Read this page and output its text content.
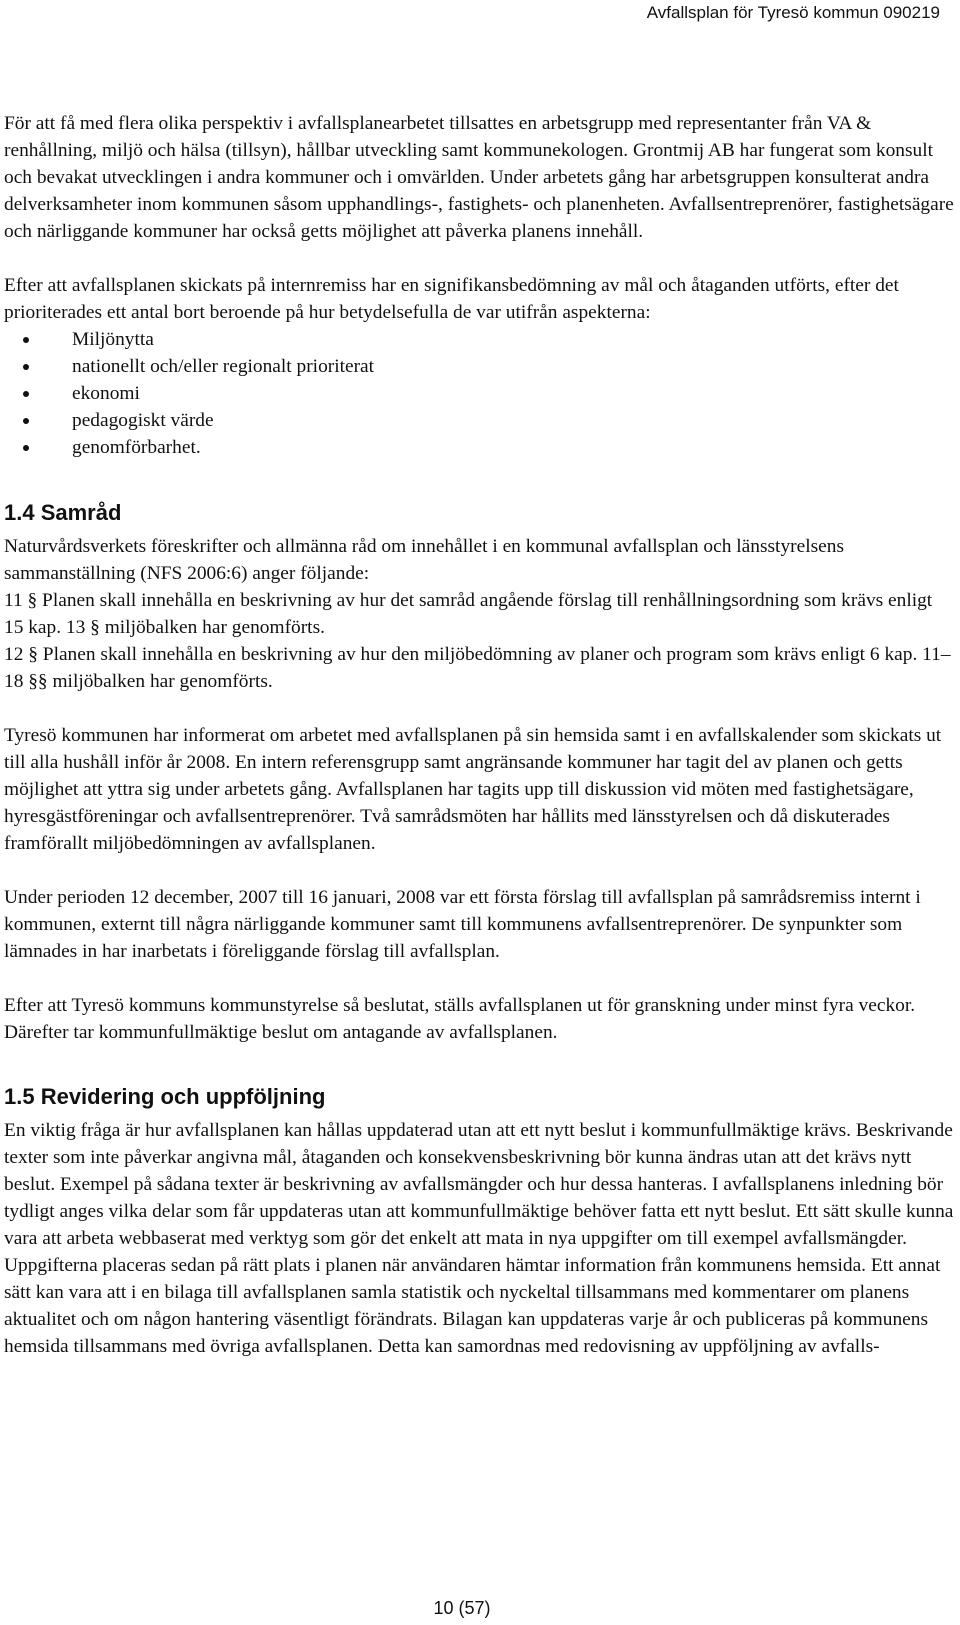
Avfallsplan för Tyresö kommun 090219

För att få med flera olika perspektiv i avfallsplanearbetet tillsattes en arbetsgrupp med representanter från VA & renhållning, miljö och hälsa (tillsyn), hållbar utveckling samt kommunekologen. Grontmij AB har fungerat som konsult och bevakat utvecklingen i andra kommuner och i omvärlden. Under arbetets gång har arbetsgruppen konsulterat andra delverksamheter inom kommunen såsom upphandlings-, fastighets- och planenheten. Avfallsentreprenörer, fastighetsägare och närliggande kommuner har också getts möjlighet att påverka planens innehåll.

Efter att avfallsplanen skickats på internremiss har en signifikansbedömning av mål och åtaganden utförts, efter det prioriterades ett antal bort beroende på hur betydelsefulla de var utifrån aspekterna:

Miljönytta
nationellt och/eller regionalt prioriterat
ekonomi
pedagogiskt värde
genomförbarhet.
1.4 Samråd

Naturvårdsverkets föreskrifter och allmänna råd om innehållet i en kommunal avfallsplan och länsstyrelsens sammanställning (NFS 2006:6) anger följande:

11 § Planen skall innehålla en beskrivning av hur det samråd angående förslag till renhållningsordning som krävs enligt 15 kap. 13 § miljöbalken har genomförts.

12 § Planen skall innehålla en beskrivning av hur den miljöbedömning av planer och program som krävs enligt 6 kap. 11–18 §§ miljöbalken har genomförts.

Tyresö kommunen har informerat om arbetet med avfallsplanen på sin hemsida samt i en avfallskalender som skickats ut till alla hushåll inför år 2008. En intern referensgrupp samt angränsande kommuner har tagit del av planen och getts möjlighet att yttra sig under arbetets gång. Avfallsplanen har tagits upp till diskussion vid möten med fastighetsägare, hyresgästföreningar och avfallsentreprenörer. Två samrådsmöten har hållits med länsstyrelsen och då diskuterades framförallt miljöbedömningen av avfallsplanen.

Under perioden 12 december, 2007 till 16 januari, 2008 var ett första förslag till avfallsplan på samrådsremiss internt i kommunen, externt till några närliggande kommuner samt till kommunens avfallsentreprenörer. De synpunkter som lämnades in har inarbetats i föreliggande förslag till avfallsplan.

Efter att Tyresö kommuns kommunstyrelse så beslutat, ställs avfallsplanen ut för granskning under minst fyra veckor. Därefter tar kommunfullmäktige beslut om antagande av avfallsplanen.

1.5 Revidering och uppföljning

En viktig fråga är hur avfallsplanen kan hållas uppdaterad utan att ett nytt beslut i kommunfullmäktige krävs. Beskrivande texter som inte påverkar angivna mål, åtaganden och konsekvensbeskrivning bör kunna ändras utan att det krävs nytt beslut. Exempel på sådana texter är beskrivning av avfallsmängder och hur dessa hanteras. I avfallsplanens inledning bör tydligt anges vilka delar som får uppdateras utan att kommunfullmäktige behöver fatta ett nytt beslut. Ett sätt skulle kunna vara att arbeta webbaserat med verktyg som gör det enkelt att mata in nya uppgifter om till exempel avfallsmängder. Uppgifterna placeras sedan på rätt plats i planen när användaren hämtar information från kommunens hemsida. Ett annat sätt kan vara att i en bilaga till avfallsplanen samla statistik och nyckeltal tillsammans med kommentarer om planens aktualitet och om någon hantering väsentligt förändrats. Bilagan kan uppdateras varje år och publiceras på kommunens hemsida tillsammans med övriga avfallsplanen. Detta kan samordnas med redovisning av uppföljning av avfalls-

10 (57)
